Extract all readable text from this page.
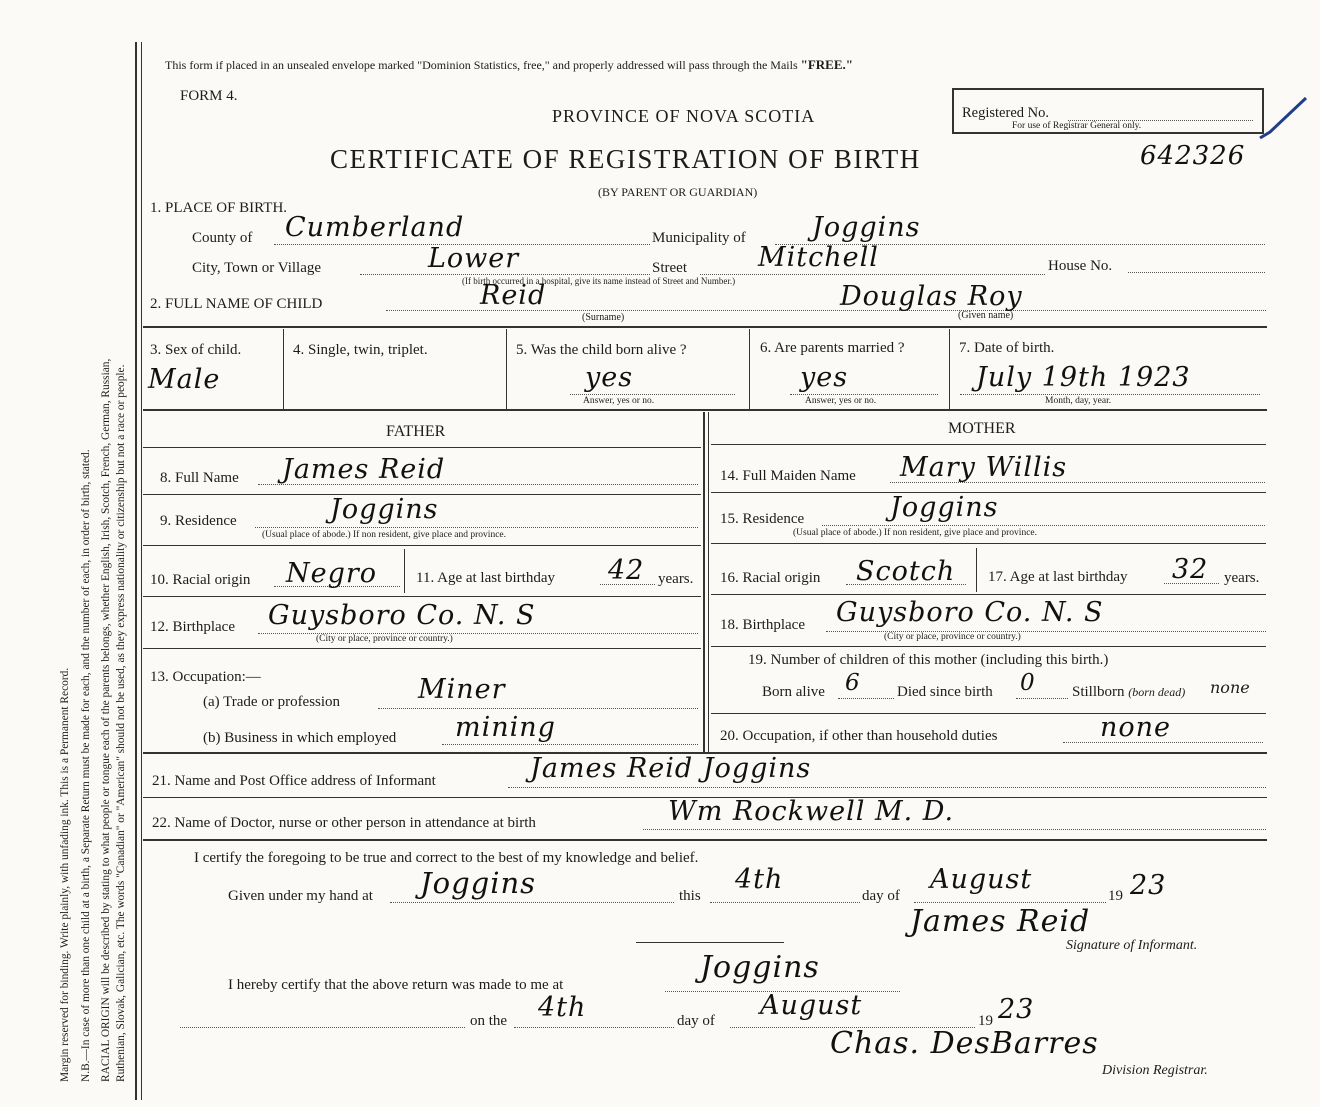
Margin reserved for binding. Write plainly, with unfading ink. This is a Permanent Record. N.B.—In case of more than one child at a birth, a Separate Return must be made for each, and the number of each, in order of birth, stated. RACIAL ORIGIN will be described by stating to what people or tongue each of the parents belongs, whether English, Irish, Scotch, French, German, Russian, Ruthenian, Slovak, Galician, etc. The words "Canadian" or "American" should not be used, as they express nationality or citizenship but not a race or people.
This form if placed in an unsealed envelope marked "Dominion Statistics, free," and properly addressed will pass through the Mails "FREE."
FORM 4.
PROVINCE OF NOVA SCOTIA
CERTIFICATE OF REGISTRATION OF BIRTH
(BY PARENT OR GUARDIAN)
Registered No.
For use of Registrar General only.
642326
1. PLACE OF BIRTH.
County of Cumberland	Municipality of Joggins
City, Town or Village	Lower	Street	Mitchell	House No.
(If birth occurred in a hospital, give its name instead of Street and Number.)
2. FULL NAME OF CHILD	Reid
(Surname)
Douglas Roy
(Given name)
3. Sex of child.
Male
4. Single, twin, triplet.	5. Was the child born alive ?
yes
Answer, yes or no.
6. Are parents married ?
yes
Answer, yes or no.
7. Date of birth.
July 19th 1923
Month, day, year.
FATHER
8. Full Name James Reid
9. Residence	Joggins
(Usual place of abode.) If non resident, give place and province.
10. Racial origin Negro	11. Age at last birthday 42 years.
12. Birthplace Guysboro Co. N. S
(City or place, province or country.)
13. Occupation:—
(a) Trade or profession	Miner
(b) Business in which employed mining
MOTHER
14. Full Maiden Name Mary Willis
15. Residence	Joggins
(Usual place of abode.) If non resident, give place and province.
16. Racial origin Scotch 17. Age at last birthday 32 years.
18. Birthplace Guysboro Co. N. S
(City or place, province or country.)
19. Number of children of this mother (including this birth.)
Born alive 6 Died since birth 0 Stillborn (born dead) none
20. Occupation, if other than household duties	none
21. Name and Post Office address of Informant	James Reid Joggins
22. Name of Doctor, nurse or other person in attendance at birth	Wm Rockwell M. D.
I certify the foregoing to be true and correct to the best of my knowledge and belief.
Given under my hand at Joggins	this
4th
day of
August
19 23
James Reid
Signature of Informant.
I hereby certify that the above return was made to me at	Joggins
on the 4th	day of August	19 23
Chas. DesBarres
Division Registrar.
